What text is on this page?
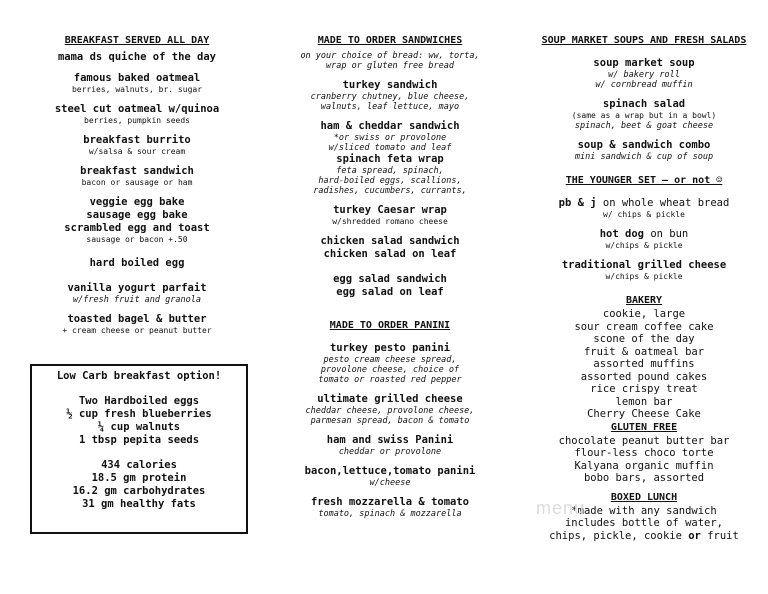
BREAKFAST SERVED ALL DAY
mama ds quiche of the day
famous baked oatmeal
berries, walnuts, br. sugar
steel cut oatmeal w/quinoa
berries, pumpkin seeds
breakfast burrito
w/salsa & sour cream
breakfast sandwich
bacon or sausage or ham
veggie egg bake
sausage egg bake
scrambled egg and toast
sausage or bacon +.50
hard boiled egg
vanilla yogurt parfait
w/fresh fruit and granola
toasted bagel & butter
+ cream cheese or peanut butter
Low Carb breakfast option!
Two Hardboiled eggs
½ cup fresh blueberries
¼ cup walnuts
1 tbsp pepita seeds
434 calories
18.5 gm protein
16.2 gm carbohydrates
31 gm healthy fats
MADE TO ORDER SANDWICHES
on your choice of bread: ww, torta,
wrap or gluten free bread
turkey sandwich
cranberry chutney, blue cheese,
walnuts, leaf lettuce, mayo
ham & cheddar sandwich
*or swiss or provolone
w/sliced tomato and leaf
spinach feta wrap
feta spread, spinach,
hard-boiled eggs, scallions,
radishes, cucumbers, currants,
turkey Caesar wrap
w/shredded romano cheese
chicken salad sandwich
chicken salad on leaf
egg salad sandwich
egg salad on leaf
MADE TO ORDER PANINI
turkey pesto panini
pesto cream cheese spread,
provolone cheese, choice of
tomato or roasted red pepper
ultimate grilled cheese
cheddar cheese, provolone cheese,
parmesan spread, bacon & tomato
ham and swiss Panini
cheddar or provolone
bacon,lettuce,tomato panini
w/cheese
fresh mozzarella & tomato
tomato, spinach & mozzarella
SOUP MARKET SOUPS AND FRESH SALADS
soup market soup
w/ bakery roll
w/ cornbread muffin
spinach salad
(same as a wrap but in a bowl)
spinach, beet & goat cheese
soup & sandwich combo
mini sandwich & cup of soup
THE YOUNGER SET – or not ☺
pb & j on whole wheat bread
w/ chips & pickle
hot dog on bun
w/chips & pickle
traditional grilled cheese
w/chips & pickle
BAKERY
cookie, large
sour cream coffee cake
scone of the day
fruit & oatmeal bar
assorted muffins
assorted pound cakes
rice crispy treat
lemon bar
Cherry Cheese Cake
GLUTEN FREE
chocolate peanut butter bar
flour-less choco torte
Kalyana organic muffin
bobo bars, assorted
BOXED LUNCH
*made with any sandwich
includes bottle of water,
chips, pickle, cookie or fruit
menu
